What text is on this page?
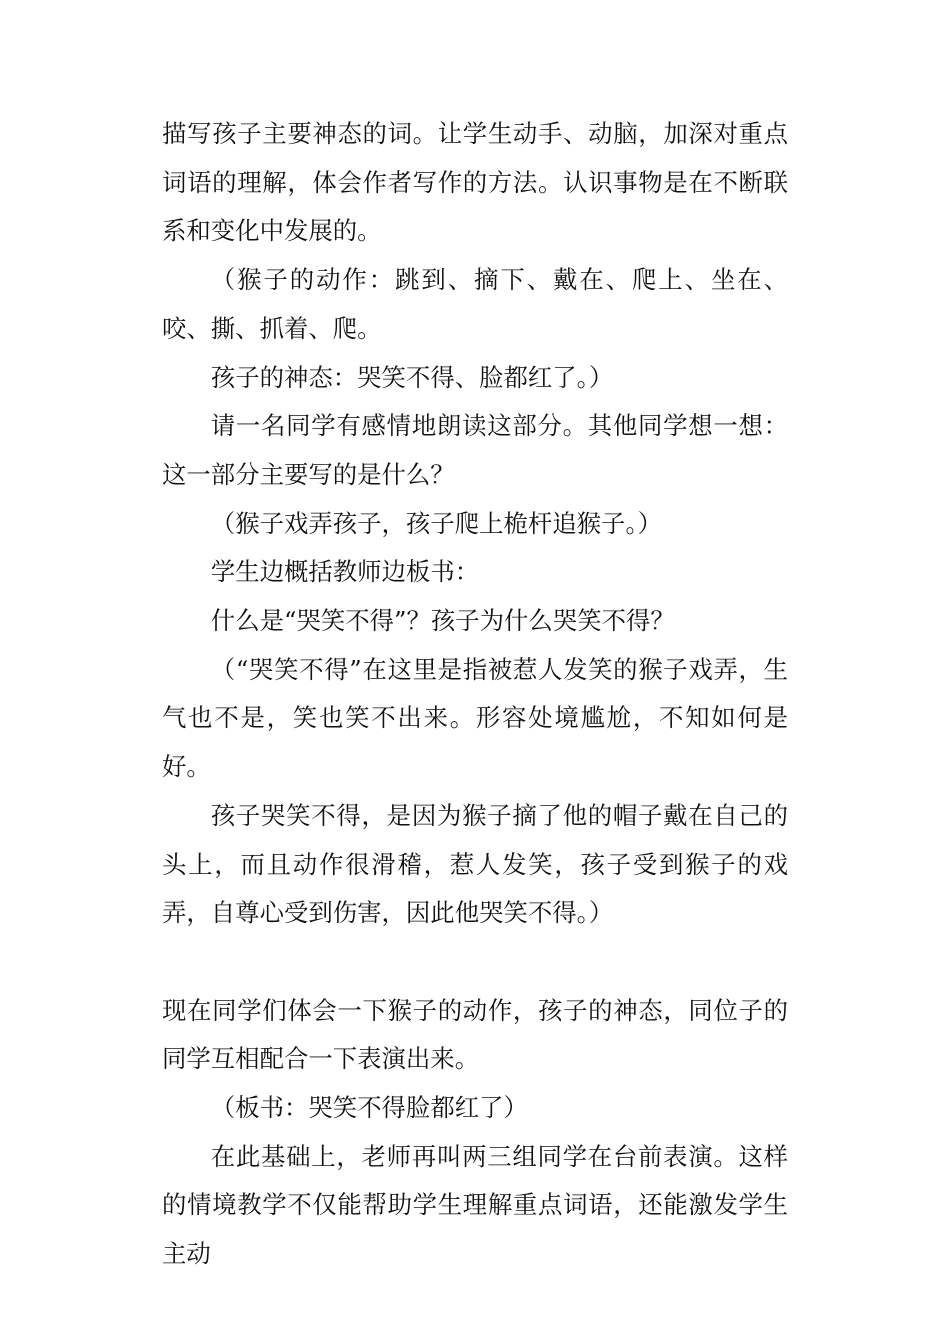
描写孩子主要神态的词。让学生动手、动脑，加深对重点词语的理解，体会作者写作的方法。认识事物是在不断联系和变化中发展的。

（猴子的动作：跳到、摘下、戴在、爬上、坐在、咬、撕、抓着、爬。

孩子的神态：哭笑不得、脸都红了。）

请一名同学有感情地朗读这部分。其他同学想一想：这一部分主要写的是什么？

（猴子戏弄孩子，孩子爬上桅杆追猴子。）

学生边概括教师边板书：

什么是“哭笑不得”？孩子为什么哭笑不得？

（“哭笑不得”在这里是指被惹人发笑的猴子戏弄，生气也不是，笑也笑不出来。形容处境尴尬，不知如何是好。

孩子哭笑不得，是因为猴子摘了他的帽子戴在自己的头上，而且动作很滑稽，惹人发笑，孩子受到猴子的戏弄，自尊心受到伤害，因此他哭笑不得。）

现在同学们体会一下猴子的动作，孩子的神态，同位子的同学互相配合一下表演出来。

（板书：哭笑不得脸都红了）

在此基础上，老师再叫两三组同学在台前表演。这样的情境教学不仅能帮助学生理解重点词语，还能激发学生主动
